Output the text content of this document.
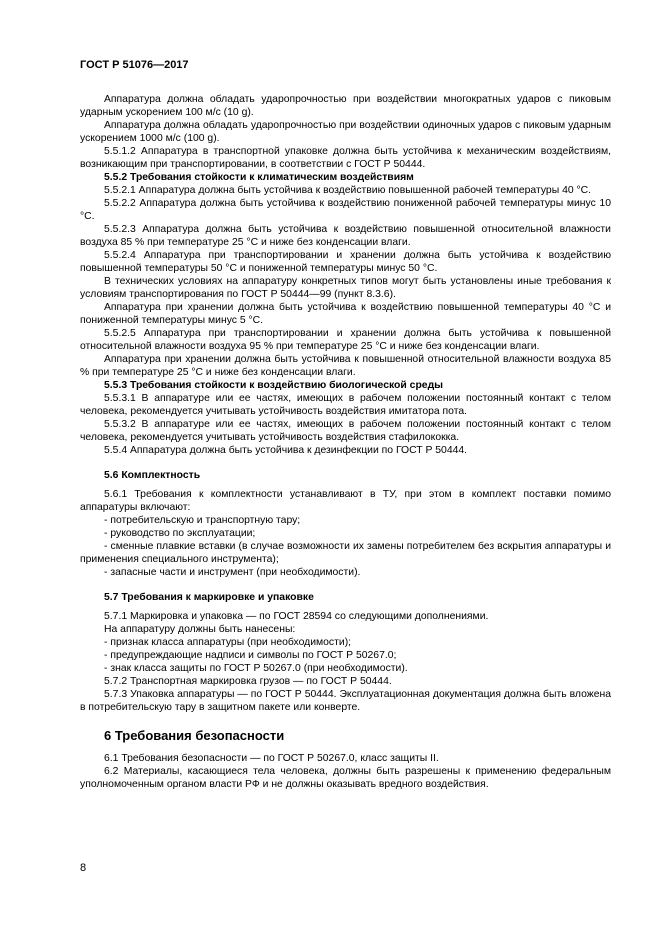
ГОСТ Р 51076—2017

Аппаратура должна обладать ударопрочностью при воздействии многократных ударов с пиковым ударным ускорением 100 м/с (10 g).

Аппаратура должна обладать ударопрочностью при воздействии одиночных ударов с пиковым ударным ускорением 1000 м/с (100 g).

5.5.1.2 Аппаратура в транспортной упаковке должна быть устойчива к механическим воздействиям, возникающим при транспортировании, в соответствии с ГОСТ Р 50444.

5.5.2 Требования стойкости к климатическим воздействиям

5.5.2.1 Аппаратура должна быть устойчива к воздействию повышенной рабочей температуры 40 °С.

5.5.2.2 Аппаратура должна быть устойчива к воздействию пониженной рабочей температуры минус 10 °С.

5.5.2.3 Аппаратура должна быть устойчива к воздействию повышенной относительной влажности воздуха 85 % при температуре 25 °С и ниже без конденсации влаги.

5.5.2.4 Аппаратура при транспортировании и хранении должна быть устойчива к воздействию повышенной температуры 50 °С и пониженной температуры минус 50 °С.

В технических условиях на аппаратуру конкретных типов могут быть установлены иные требования к условиям транспортирования по ГОСТ Р 50444—99 (пункт 8.3.6).

Аппаратура при хранении должна быть устойчива к воздействию повышенной температуры 40 °С и пониженной температуры минус 5 °С.

5.5.2.5 Аппаратура при транспортировании и хранении должна быть устойчива к повышенной относительной влажности воздуха 95 % при температуре 25 °С и ниже без конденсации влаги.

Аппаратура при хранении должна быть устойчива к повышенной относительной влажности воздуха 85 % при температуре 25 °С и ниже без конденсации влаги.

5.5.3 Требования стойкости к воздействию биологической среды

5.5.3.1 В аппаратуре или ее частях, имеющих в рабочем положении постоянный контакт с телом человека, рекомендуется учитывать устойчивость воздействия имитатора пота.

5.5.3.2 В аппаратуре или ее частях, имеющих в рабочем положении постоянный контакт с телом человека, рекомендуется учитывать устойчивость воздействия стафилококка.

5.5.4 Аппаратура должна быть устойчива к дезинфекции по ГОСТ Р 50444.

5.6 Комплектность

5.6.1 Требования к комплектности устанавливают в ТУ, при этом в комплект поставки помимо аппаратуры включают:

- потребительскую и транспортную тару;

- руководство по эксплуатации;

- сменные плавкие вставки (в случае возможности их замены потребителем без вскрытия аппаратуры и применения специального инструмента);

- запасные части и инструмент (при необходимости).

5.7 Требования к маркировке и упаковке

5.7.1 Маркировка и упаковка — по ГОСТ 28594 со следующими дополнениями.

На аппаратуру должны быть нанесены:

- признак класса аппаратуры (при необходимости);

- предупреждающие надписи и символы по ГОСТ Р 50267.0;

- знак класса защиты по ГОСТ Р 50267.0 (при необходимости).

5.7.2 Транспортная маркировка грузов — по ГОСТ Р 50444.

5.7.3 Упаковка аппаратуры — по ГОСТ Р 50444. Эксплуатационная документация должна быть вложена в потребительскую тару в защитном пакете или конверте.

6 Требования безопасности

6.1 Требования безопасности — по ГОСТ Р 50267.0, класс защиты II.

6.2 Материалы, касающиеся тела человека, должны быть разрешены к применению федеральным уполномоченным органом власти РФ и не должны оказывать вредного воздействия.

8
